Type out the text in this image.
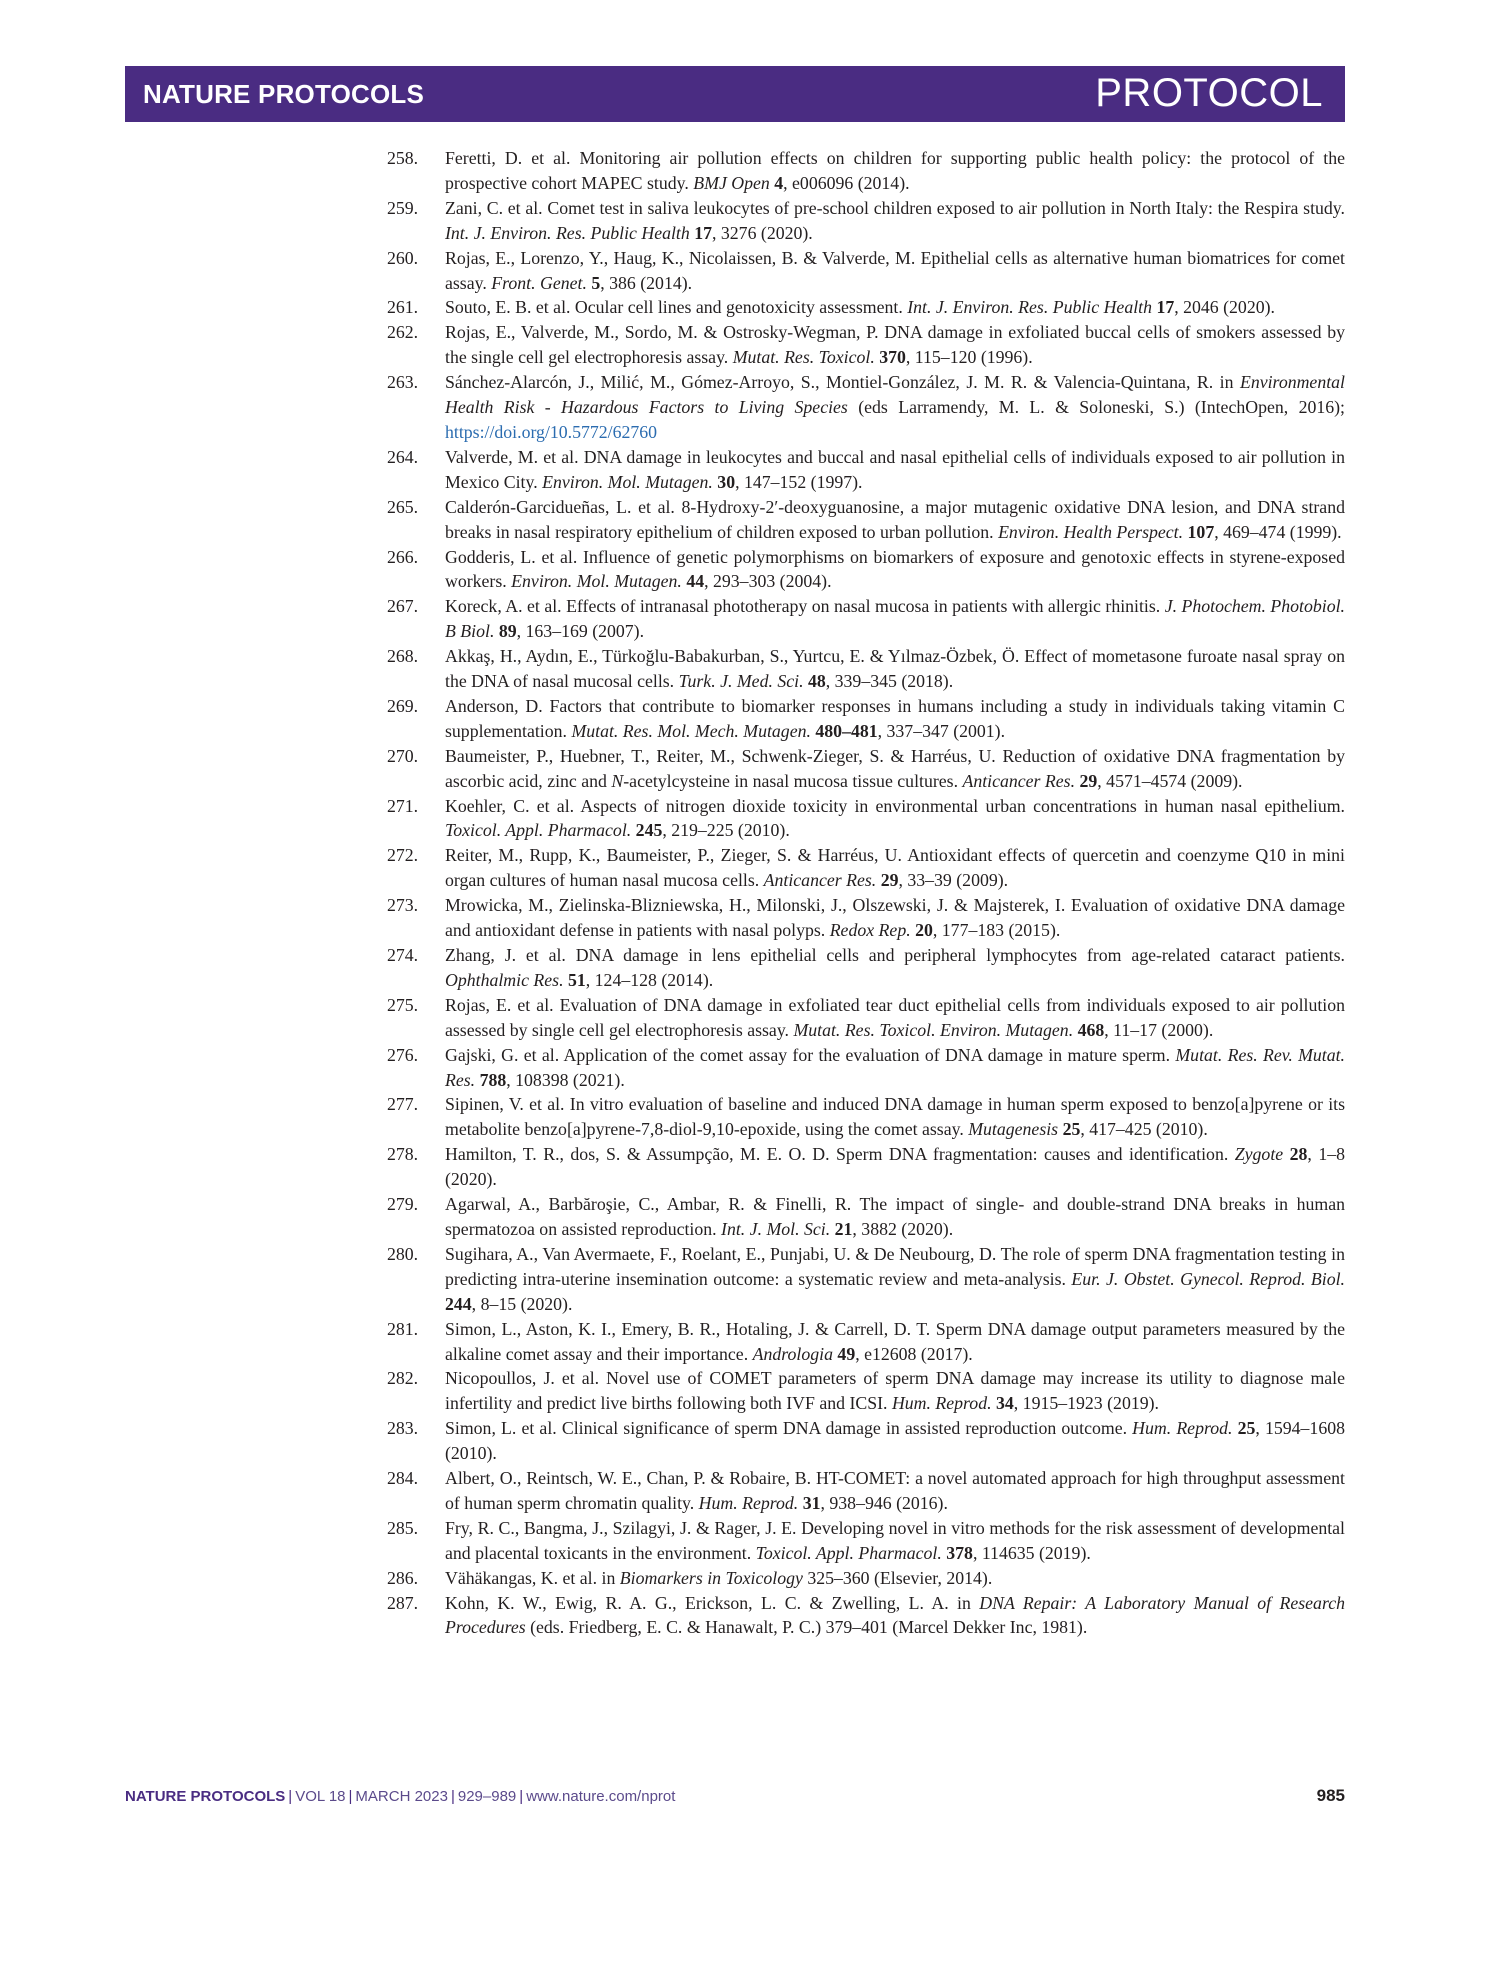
NATURE PROTOCOLS	PROTOCOL
258. Feretti, D. et al. Monitoring air pollution effects on children for supporting public health policy: the protocol of the prospective cohort MAPEC study. BMJ Open 4, e006096 (2014).
259. Zani, C. et al. Comet test in saliva leukocytes of pre-school children exposed to air pollution in North Italy: the Respira study. Int. J. Environ. Res. Public Health 17, 3276 (2020).
260. Rojas, E., Lorenzo, Y., Haug, K., Nicolaissen, B. & Valverde, M. Epithelial cells as alternative human biomatrices for comet assay. Front. Genet. 5, 386 (2014).
261. Souto, E. B. et al. Ocular cell lines and genotoxicity assessment. Int. J. Environ. Res. Public Health 17, 2046 (2020).
262. Rojas, E., Valverde, M., Sordo, M. & Ostrosky-Wegman, P. DNA damage in exfoliated buccal cells of smokers assessed by the single cell gel electrophoresis assay. Mutat. Res. Toxicol. 370, 115–120 (1996).
263. Sánchez-Alarcón, J., Milić, M., Gómez-Arroyo, S., Montiel-González, J. M. R. & Valencia-Quintana, R. in Environmental Health Risk - Hazardous Factors to Living Species (eds Larramendy, M. L. & Soloneski, S.) (IntechOpen, 2016); https://doi.org/10.5772/62760
264. Valverde, M. et al. DNA damage in leukocytes and buccal and nasal epithelial cells of individuals exposed to air pollution in Mexico City. Environ. Mol. Mutagen. 30, 147–152 (1997).
265. Calderón-Garcidueñas, L. et al. 8-Hydroxy-2′-deoxyguanosine, a major mutagenic oxidative DNA lesion, and DNA strand breaks in nasal respiratory epithelium of children exposed to urban pollution. Environ. Health Perspect. 107, 469–474 (1999).
266. Godderis, L. et al. Influence of genetic polymorphisms on biomarkers of exposure and genotoxic effects in styrene-exposed workers. Environ. Mol. Mutagen. 44, 293–303 (2004).
267. Koreck, A. et al. Effects of intranasal phototherapy on nasal mucosa in patients with allergic rhinitis. J. Photochem. Photobiol. B Biol. 89, 163–169 (2007).
268. Akkaş, H., Aydın, E., Türkoğlu-Babakurban, S., Yurtcu, E. & Yılmaz-Özbek, Ö. Effect of mometasone furoate nasal spray on the DNA of nasal mucosal cells. Turk. J. Med. Sci. 48, 339–345 (2018).
269. Anderson, D. Factors that contribute to biomarker responses in humans including a study in individuals taking vitamin C supplementation. Mutat. Res. Mol. Mech. Mutagen. 480–481, 337–347 (2001).
270. Baumeister, P., Huebner, T., Reiter, M., Schwenk-Zieger, S. & Harréus, U. Reduction of oxidative DNA fragmentation by ascorbic acid, zinc and N-acetylcysteine in nasal mucosa tissue cultures. Anticancer Res. 29, 4571–4574 (2009).
271. Koehler, C. et al. Aspects of nitrogen dioxide toxicity in environmental urban concentrations in human nasal epithelium. Toxicol. Appl. Pharmacol. 245, 219–225 (2010).
272. Reiter, M., Rupp, K., Baumeister, P., Zieger, S. & Harréus, U. Antioxidant effects of quercetin and coenzyme Q10 in mini organ cultures of human nasal mucosa cells. Anticancer Res. 29, 33–39 (2009).
273. Mrowicka, M., Zielinska-Blizniewska, H., Milonski, J., Olszewski, J. & Majsterek, I. Evaluation of oxidative DNA damage and antioxidant defense in patients with nasal polyps. Redox Rep. 20, 177–183 (2015).
274. Zhang, J. et al. DNA damage in lens epithelial cells and peripheral lymphocytes from age-related cataract patients. Ophthalmic Res. 51, 124–128 (2014).
275. Rojas, E. et al. Evaluation of DNA damage in exfoliated tear duct epithelial cells from individuals exposed to air pollution assessed by single cell gel electrophoresis assay. Mutat. Res. Toxicol. Environ. Mutagen. 468, 11–17 (2000).
276. Gajski, G. et al. Application of the comet assay for the evaluation of DNA damage in mature sperm. Mutat. Res. Rev. Mutat. Res. 788, 108398 (2021).
277. Sipinen, V. et al. In vitro evaluation of baseline and induced DNA damage in human sperm exposed to benzo[a]pyrene or its metabolite benzo[a]pyrene-7,8-diol-9,10-epoxide, using the comet assay. Mutagenesis 25, 417–425 (2010).
278. Hamilton, T. R., dos, S. & Assumpção, M. E. O. D. Sperm DNA fragmentation: causes and identification. Zygote 28, 1–8 (2020).
279. Agarwal, A., Barbăroşie, C., Ambar, R. & Finelli, R. The impact of single- and double-strand DNA breaks in human spermatozoa on assisted reproduction. Int. J. Mol. Sci. 21, 3882 (2020).
280. Sugihara, A., Van Avermaete, F., Roelant, E., Punjabi, U. & De Neubourg, D. The role of sperm DNA fragmentation testing in predicting intra-uterine insemination outcome: a systematic review and meta-analysis. Eur. J. Obstet. Gynecol. Reprod. Biol. 244, 8–15 (2020).
281. Simon, L., Aston, K. I., Emery, B. R., Hotaling, J. & Carrell, D. T. Sperm DNA damage output parameters measured by the alkaline comet assay and their importance. Andrologia 49, e12608 (2017).
282. Nicopoullos, J. et al. Novel use of COMET parameters of sperm DNA damage may increase its utility to diagnose male infertility and predict live births following both IVF and ICSI. Hum. Reprod. 34, 1915–1923 (2019).
283. Simon, L. et al. Clinical significance of sperm DNA damage in assisted reproduction outcome. Hum. Reprod. 25, 1594–1608 (2010).
284. Albert, O., Reintsch, W. E., Chan, P. & Robaire, B. HT-COMET: a novel automated approach for high throughput assessment of human sperm chromatin quality. Hum. Reprod. 31, 938–946 (2016).
285. Fry, R. C., Bangma, J., Szilagyi, J. & Rager, J. E. Developing novel in vitro methods for the risk assessment of developmental and placental toxicants in the environment. Toxicol. Appl. Pharmacol. 378, 114635 (2019).
286. Vähäkangas, K. et al. in Biomarkers in Toxicology 325–360 (Elsevier, 2014).
287. Kohn, K. W., Ewig, R. A. G., Erickson, L. C. & Zwelling, L. A. in DNA Repair: A Laboratory Manual of Research Procedures (eds. Friedberg, E. C. & Hanawalt, P. C.) 379–401 (Marcel Dekker Inc, 1981).
NATURE PROTOCOLS | VOL 18 | MARCH 2023 | 929–989 | www.nature.com/nprot	985
